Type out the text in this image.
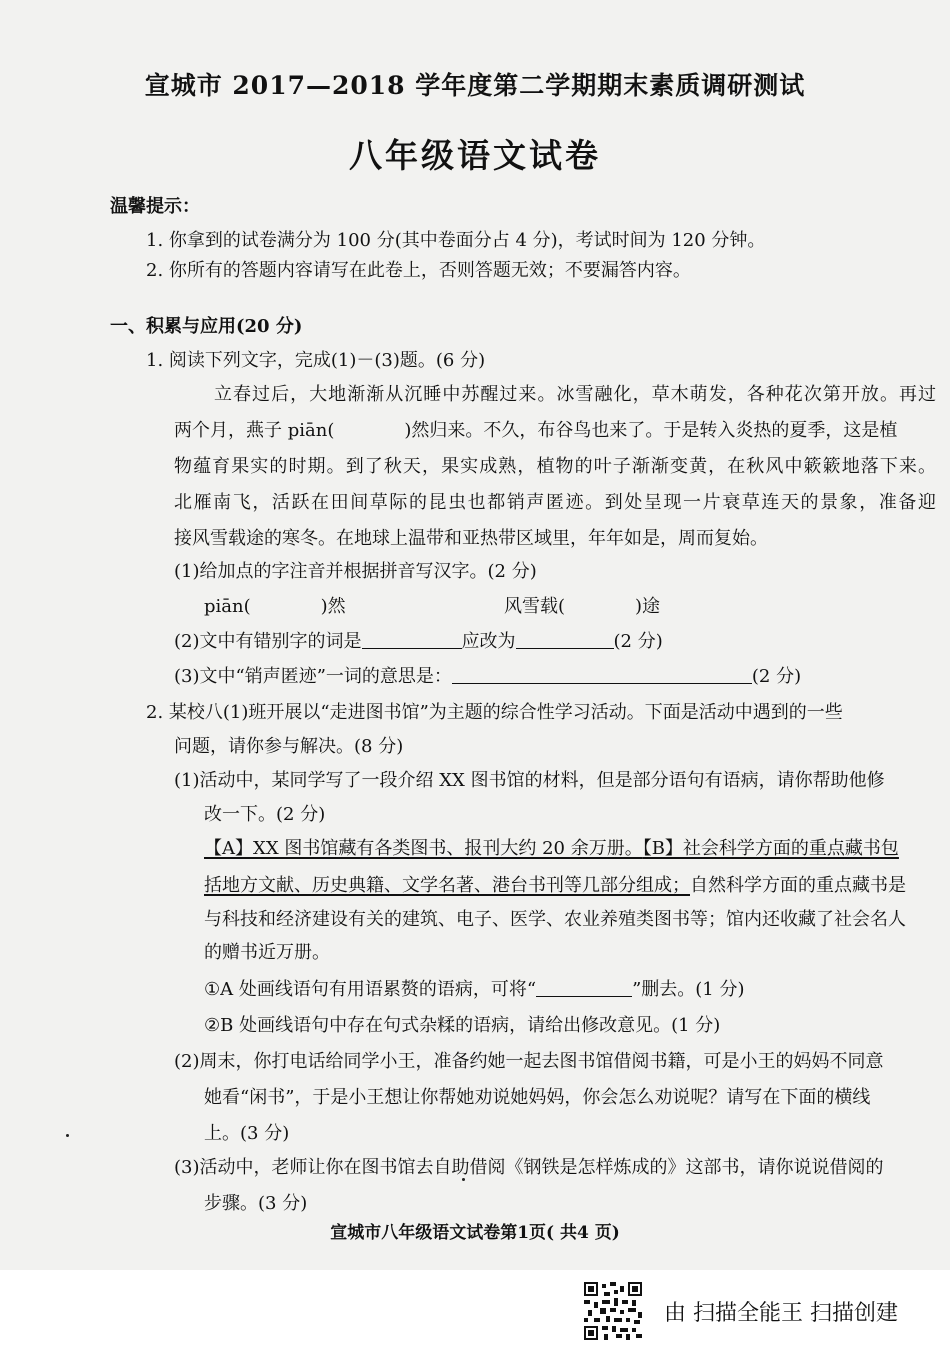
宣城市 2017—2018 学年度第二学期期末素质调研测试
八年级语文试卷
温馨提示：
1. 你拿到的试卷满分为 100 分(其中卷面分占 4 分)，考试时间为 120 分钟。
2. 你所有的答题内容请写在此卷上，否则答题无效；不要漏答内容。
一、积累与应用(20 分)
1. 阅读下列文字，完成(1)－(3)题。(6 分)
立春过后，大地渐渐从沉睡中苏醒过来。冰雪融化，草木萌发，各种花次第开放。再过
两个月，燕子 piān(	)然归来。不久，布谷鸟也来了。于是转入炎热的夏季，这是植
物蕴育果实的时期。到了秋天，果实成熟，植物的叶子渐渐变黄，在秋风中簌簌地落下来。
北雁南飞，活跃在田间草际的昆虫也都销声匿迹。到处呈现一片衰草连天的景象，准备迎
接风雪载途的寒冬。在地球上温带和亚热带区域里，年年如是，周而复始。
(1)给加点的字注音并根据拼音写汉字。(2 分)
piān(	)然	风雪载(	)途
(2)文中有错别字的词是	应改为	(2 分)
(3)文中“销声匿迹”一词的意思是：	(2 分)
2. 某校八(1)班开展以“走进图书馆”为主题的综合性学习活动。下面是活动中遇到的一些
问题，请你参与解决。(8 分)
(1)活动中，某同学写了一段介绍 XX 图书馆的材料，但是部分语句有语病，请你帮助他修
改一下。(2 分)
【A】XX 图书馆藏有各类图书、报刊大约 20 余万册。【B】社会科学方面的重点藏书包
括地方文献、历史典籍、文学名著、港台书刊等几部分组成；自然科学方面的重点藏书是
与科技和经济建设有关的建筑、电子、医学、农业养殖类图书等；馆内还收藏了社会名人
的赠书近万册。
①A 处画线语句有用语累赘的语病，可将“	”删去。(1 分)
②B 处画线语句中存在句式杂糅的语病，请给出修改意见。(1 分)
(2)周末，你打电话给同学小王，准备约她一起去图书馆借阅书籍，可是小王的妈妈不同意
她看“闲书”，于是小王想让你帮她劝说她妈妈，你会怎么劝说呢？请写在下面的横线
上。(3 分)
(3)活动中，老师让你在图书馆去自助借阅《钢铁是怎样炼成的》这部书，请你说说借阅的
步骤。(3 分)
宣城市八年级语文试卷第1页( 共4 页)
由 扫描全能王 扫描创建
